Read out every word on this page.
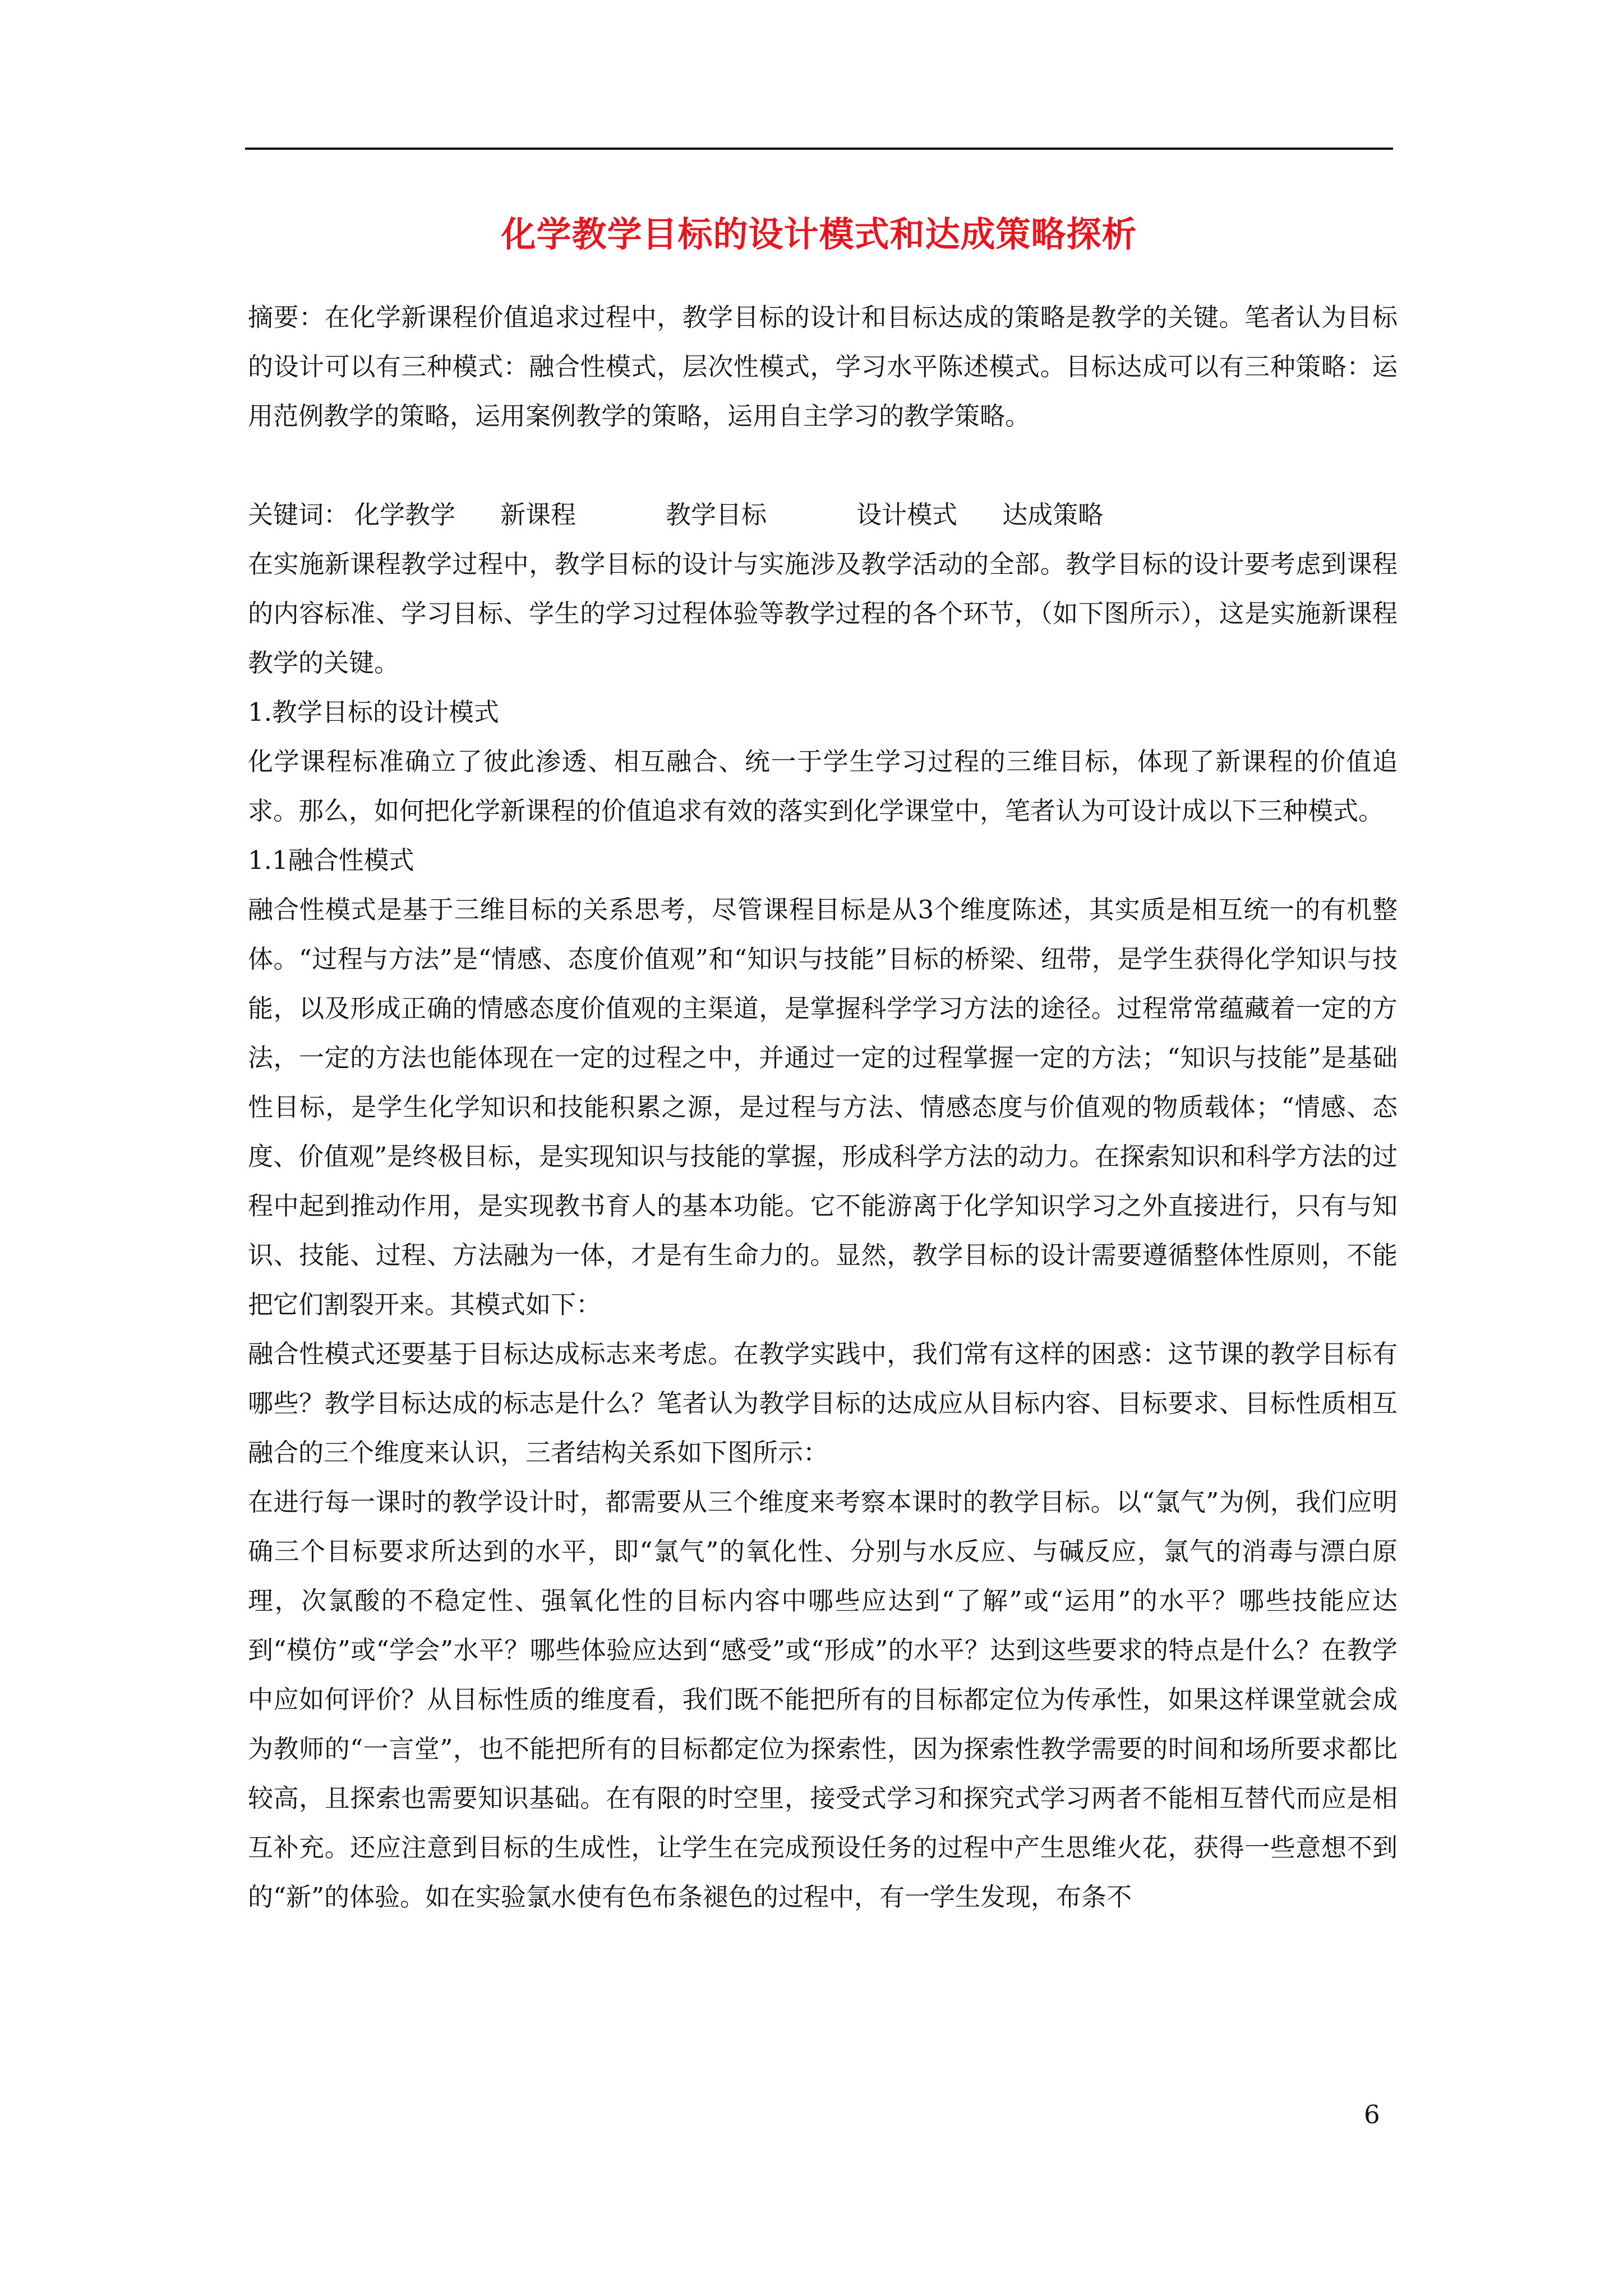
化学教学目标的设计模式和达成策略探析

摘要：在化学新课程价值追求过程中，教学目标的设计和目标达成的策略是教学的关键。笔者认为目标的设计可以有三种模式：融合性模式，层次性模式，学习水平陈述模式。目标达成可以有三种策略：运用范例教学的策略，运用案例教学的策略，运用自主学习的教学策略。

关键词： 化学教学 新课程	教学目标	设计模式 达成策略

在实施新课程教学过程中，教学目标的设计与实施涉及教学活动的全部。教学目标的设计要考虑到课程的内容标准、学习目标、学生的学习过程体验等教学过程的各个环节，（如下图所示），这是实施新课程教学的关键。

1.教学目标的设计模式

化学课程标准确立了彼此渗透、相互融合、统一于学生学习过程的三维目标，体现了新课程的价值追求。那么，如何把化学新课程的价值追求有效的落实到化学课堂中，笔者认为可设计成以下三种模式。

1.1融合性模式

融合性模式是基于三维目标的关系思考，尽管课程目标是从3个维度陈述，其实质是相互统一的有机整体。“过程与方法”是“情感、态度价值观”和“知识与技能”目标的桥梁、纽带，是学生获得化学知识与技能，以及形成正确的情感态度价值观的主渠道，是掌握科学学习方法的途径。过程常常蕴藏着一定的方法，一定的方法也能体现在一定的过程之中，并通过一定的过程掌握一定的方法；“知识与技能”是基础性目标，是学生化学知识和技能积累之源，是过程与方法、情感态度与价值观的物质载体；“情感、态度、价值观”是终极目标，是实现知识与技能的掌握，形成科学方法的动力。在探索知识和科学方法的过程中起到推动作用，是实现教书育人的基本功能。它不能游离于化学知识学习之外直接进行，只有与知识、技能、过程、方法融为一体，才是有生命力的。显然，教学目标的设计需要遵循整体性原则，不能把它们割裂开来。其模式如下：

融合性模式还要基于目标达成标志来考虑。在教学实践中，我们常有这样的困惑：这节课的教学目标有哪些？教学目标达成的标志是什么？笔者认为教学目标的达成应从目标内容、目标要求、目标性质相互融合的三个维度来认识，三者结构关系如下图所示：

在进行每一课时的教学设计时，都需要从三个维度来考察本课时的教学目标。以“氯气”为例，我们应明确三个目标要求所达到的水平，即“氯气”的氧化性、分别与水反应、与碱反应，氯气的消毒与漂白原理，次氯酸的不稳定性、强氧化性的目标内容中哪些应达到“了解”或“运用”的水平？哪些技能应达到“模仿”或“学会”水平？哪些体验应达到“感受”或“形成”的水平？达到这些要求的特点是什么？在教学中应如何评价？从目标性质的维度看，我们既不能把所有的目标都定位为传承性，如果这样课堂就会成为教师的“一言堂”，也不能把所有的目标都定位为探索性，因为探索性教学需要的时间和场所要求都比较高，且探索也需要知识基础。在有限的时空里，接受式学习和探究式学习两者不能相互替代而应是相互补充。还应注意到目标的生成性，让学生在完成预设任务的过程中产生思维火花，获得一些意想不到的“新”的体验。如在实验氯水使有色布条褪色的过程中，有一学生发现，布条不

6
